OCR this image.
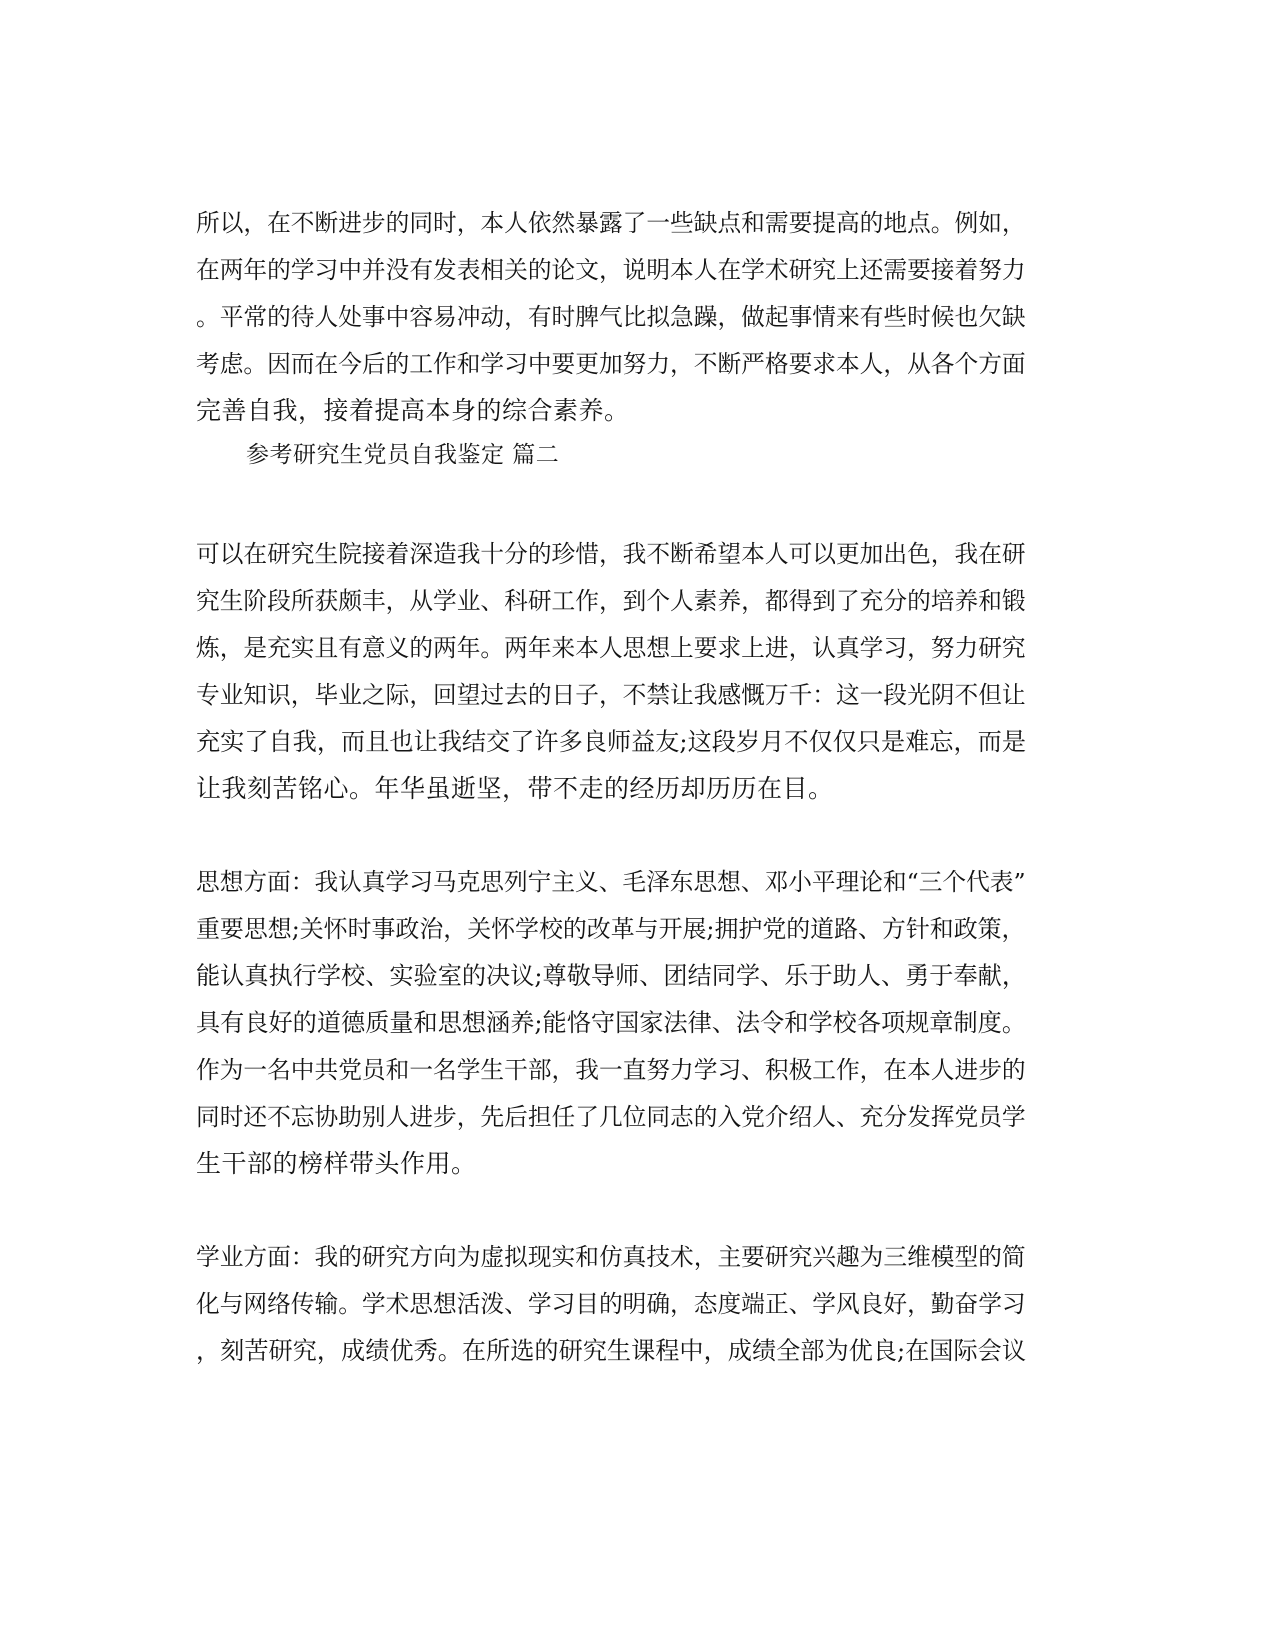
所以，在不断进步的同时，本人依然暴露了一些缺点和需要提高的地点。例如，
在两年的学习中并没有发表相关的论文，说明本人在学术研究上还需要接着努力
。平常的待人处事中容易冲动，有时脾气比拟急躁，做起事情来有些时候也欠缺
考虑。因而在今后的工作和学习中要更加努力，不断严格要求本人，从各个方面
完善自我，接着提高本身的综合素养。
参考研究生党员自我鉴定 篇二
可以在研究生院接着深造我十分的珍惜，我不断希望本人可以更加出色，我在研
究生阶段所获颇丰，从学业、科研工作，到个人素养，都得到了充分的培养和锻
炼，是充实且有意义的两年。两年来本人思想上要求上进，认真学习，努力研究
专业知识，毕业之际，回望过去的日子，不禁让我感慨万千：这一段光阴不但让
充实了自我，而且也让我结交了许多良师益友;这段岁月不仅仅只是难忘，而是
让我刻苦铭心。年华虽逝坚，带不走的经历却历历在目。
思想方面：我认真学习马克思列宁主义、毛泽东思想、邓小平理论和“三个代表”
重要思想;关怀时事政治，关怀学校的改革与开展;拥护党的道路、方针和政策，
能认真执行学校、实验室的决议;尊敬导师、团结同学、乐于助人、勇于奉献，
具有良好的道德质量和思想涵养;能恪守国家法律、法令和学校各项规章制度。
作为一名中共党员和一名学生干部，我一直努力学习、积极工作，在本人进步的
同时还不忘协助别人进步，先后担任了几位同志的入党介绍人、充分发挥党员学
生干部的榜样带头作用。
学业方面：我的研究方向为虚拟现实和仿真技术，主要研究兴趣为三维模型的简
化与网络传输。学术思想活泼、学习目的明确，态度端正、学风良好，勤奋学习
，刻苦研究，成绩优秀。在所选的研究生课程中，成绩全部为优良;在国际会议
